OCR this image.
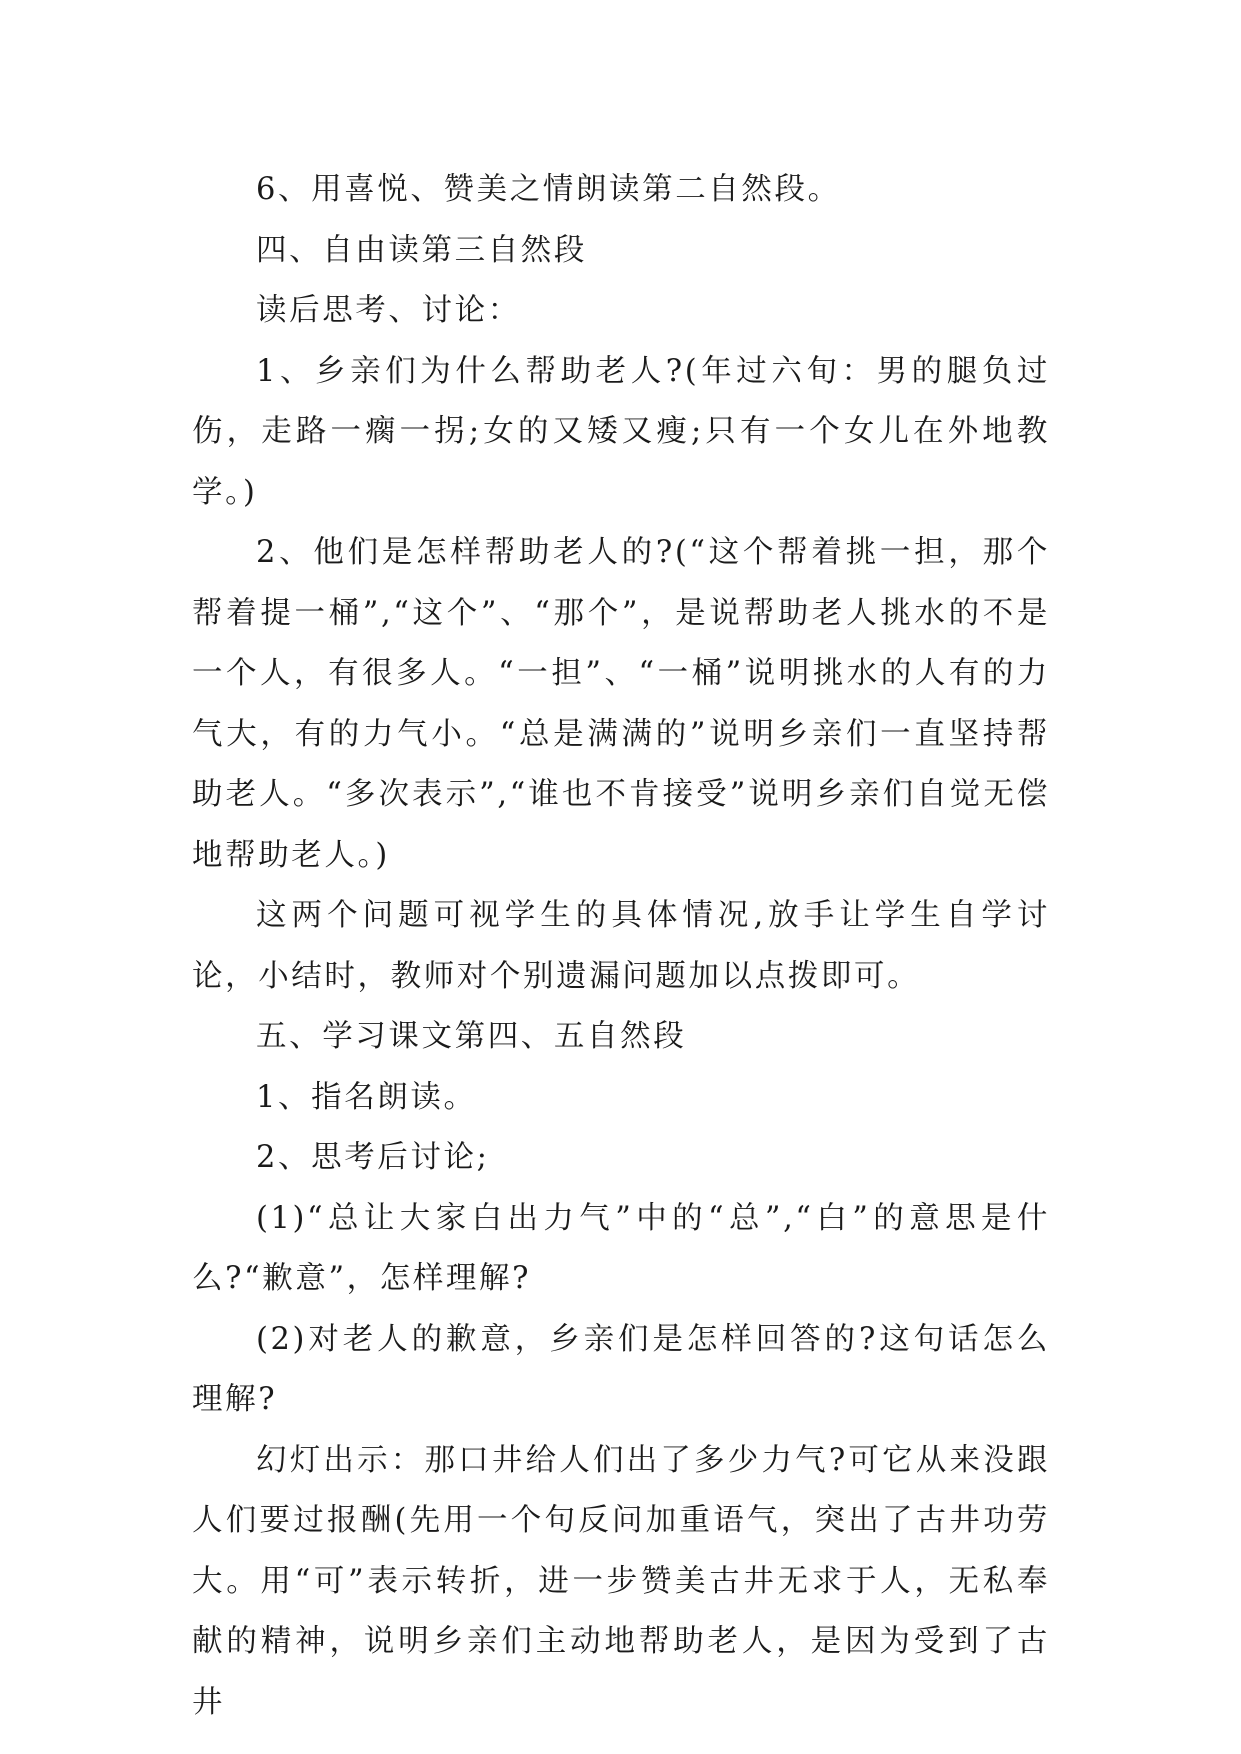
6、用喜悦、赞美之情朗读第二自然段。

四、自由读第三自然段

读后思考、讨论：

1、乡亲们为什么帮助老人?(年过六旬：男的腿负过伤，走路一瘸一拐;女的又矮又瘦;只有一个女儿在外地教学。)

2、他们是怎样帮助老人的?(“这个帮着挑一担，那个帮着提一桶”,“这个”、“那个”，是说帮助老人挑水的不是一个人，有很多人。“一担”、“一桶”说明挑水的人有的力气大，有的力气小。“总是满满的”说明乡亲们一直坚持帮助老人。“多次表示”,“谁也不肯接受”说明乡亲们自觉无偿地帮助老人。)

这两个问题可视学生的具体情况,放手让学生自学讨论，小结时，教师对个别遗漏问题加以点拨即可。

五、学习课文第四、五自然段

1、指名朗读。

2、思考后讨论;

(1)“总让大家白出力气”中的“总”,“白”的意思是什么?“歉意”，怎样理解?

(2)对老人的歉意，乡亲们是怎样回答的?这句话怎么理解?

幻灯出示：那口井给人们出了多少力气?可它从来没跟人们要过报酬(先用一个句反问加重语气，突出了古井功劳大。用“可”表示转折，进一步赞美古井无求于人，无私奉献的精神，说明乡亲们主动地帮助老人，是因为受到了古井
